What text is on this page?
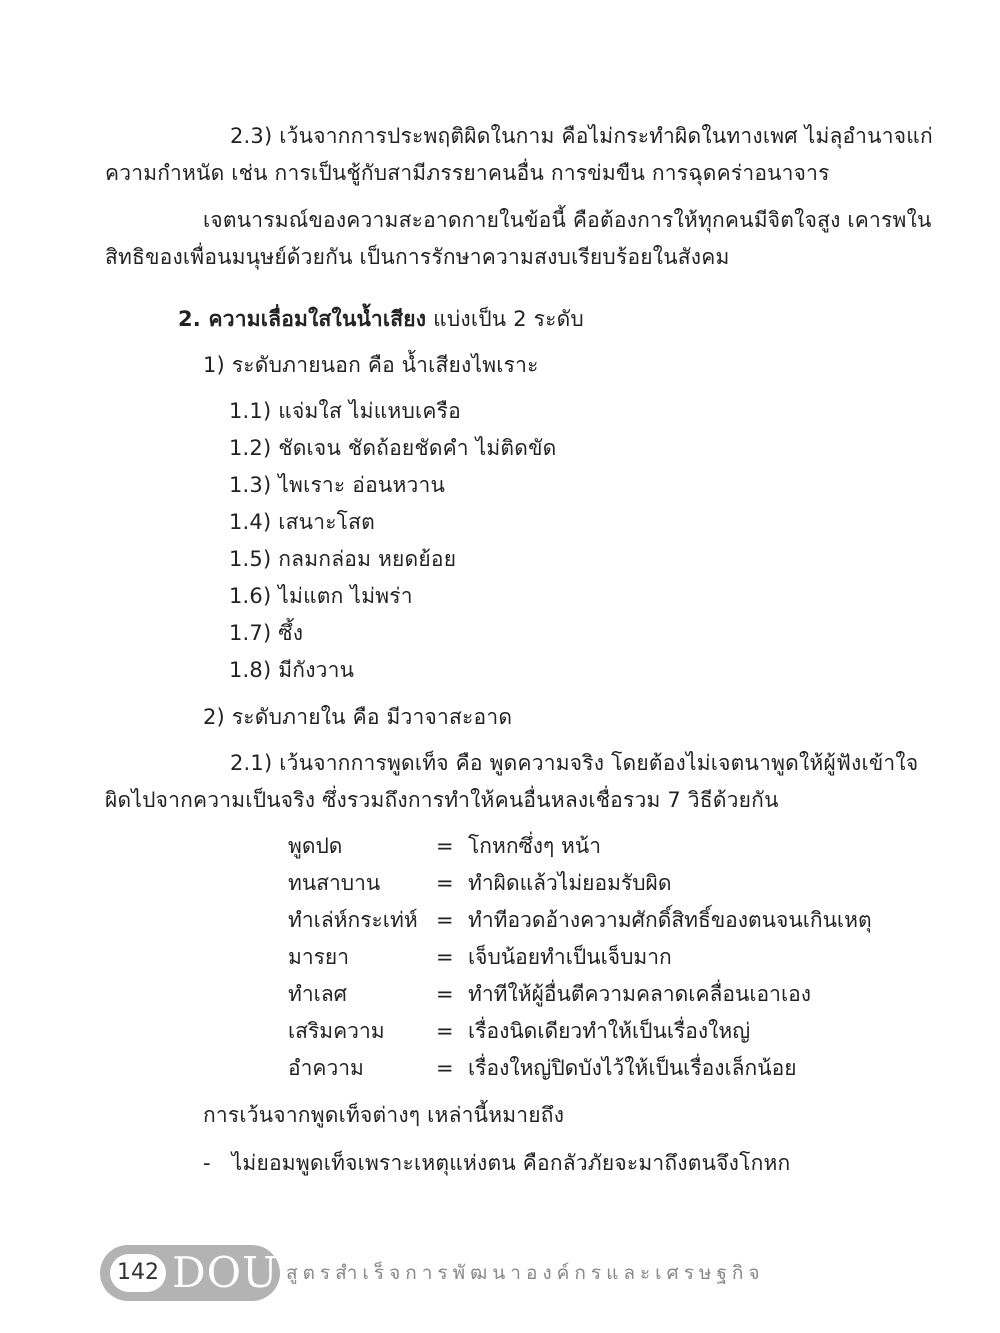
2.3) เว้นจากการประพฤติผิดในกาม คือไม่กระทำผิดในทางเพศ ไม่ลุอำนาจแก่
ความกำหนัด เช่น การเป็นชู้กับสามีภรรยาคนอื่น การข่มขืน การฉุดคร่าอนาจาร
เจตนารมณ์ของความสะอาดกายในข้อนี้ คือต้องการให้ทุกคนมีจิตใจสูง เคารพใน
สิทธิของเพื่อนมนุษย์ด้วยกัน เป็นการรักษาความสงบเรียบร้อยในสังคม
2. ความเลื่อมใสในน้ำเสียง แบ่งเป็น 2 ระดับ
1) ระดับภายนอก คือ น้ำเสียงไพเราะ
1.1) แจ่มใส ไม่แหบเครือ
1.2) ชัดเจน ชัดถ้อยชัดคำ ไม่ติดขัด
1.3) ไพเราะ อ่อนหวาน
1.4) เสนาะโสต
1.5) กลมกล่อม หยดย้อย
1.6) ไม่แตก ไม่พร่า
1.7) ซึ้ง
1.8) มีกังวาน
2) ระดับภายใน คือ มีวาจาสะอาด
2.1) เว้นจากการพูดเท็จ คือ พูดความจริง โดยต้องไม่เจตนาพูดให้ผู้ฟังเข้าใจ
ผิดไปจากความเป็นจริง ซึ่งรวมถึงการทำให้คนอื่นหลงเชื่อรวม 7 วิธีด้วยกัน
พูดปด	= โกหกซึ่งๆ หน้า
ทนสาบาน	= ทำผิดแล้วไม่ยอมรับผิด
ทำเล่ห์กระเท่ห์ = ทำทีอวดอ้างความศักดิ์สิทธิ์ของตนจนเกินเหตุ
มารยา	= เจ็บน้อยทำเป็นเจ็บมาก
ทำเลศ	= ทำทีให้ผู้อื่นตีความคลาดเคลื่อนเอาเอง
เสริมความ = เรื่องนิดเดียวทำให้เป็นเรื่องใหญ่
อำความ	= เรื่องใหญ่ปิดบังไว้ให้เป็นเรื่องเล็กน้อย
การเว้นจากพูดเท็จต่างๆ เหล่านี้หมายถึง
- ไม่ยอมพูดเท็จเพราะเหตุแห่งตน คือกลัวภัยจะมาถึงตนจึงโกหก
142 DOU สูตรสำเร็จการพัฒนาองค์กรและเศรษฐกิจ
